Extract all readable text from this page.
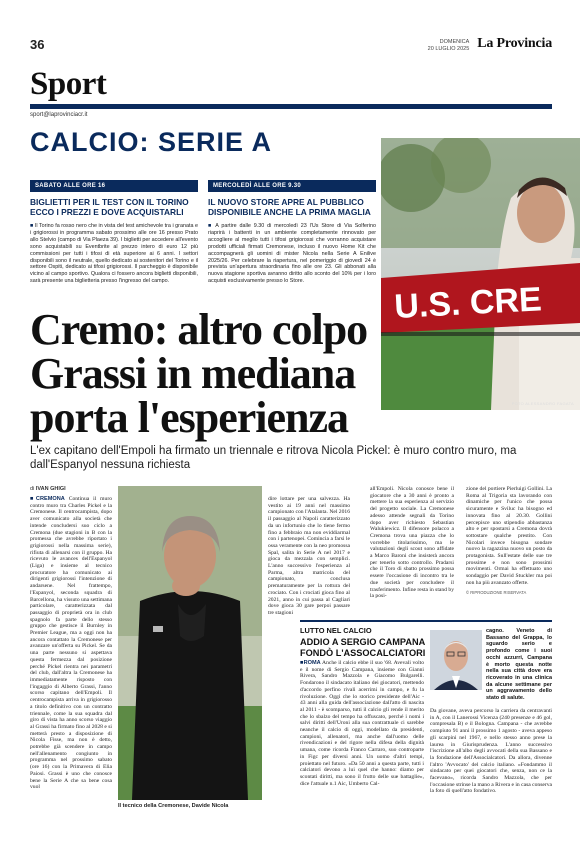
36	DOMENICA
20 LUGLIO 2025 La Provincia
Sport
sport@laprovinciacr.it
CALCIO: SERIE A
SABATO ALLE ORE 16
BIGLIETTI PER IL TEST CON IL TORINO ECCO I PREZZI E DOVE ACQUISTARLI
■ Il Torino fa rosso nero che in vista del test amichevole tra i granata e i grigiorossi in programma sabato prossimo alle ore 16 presso Prato allo Stelvio (campo di Via Plaeza 39). I biglietti per accedere all'evento sono acquistabili su Eventbrite al prezzo intero di euro 12 più commissioni per tutti i tifosi di età superiore ai 6 anni. I settori disponibili sono il neutrale, quello dedicato ai sostenitori del Torino e il settore Ospiti, dedicato ai tifosi grigiorossi. Il parcheggio è disponibile vicino al campo sportivo. Qualora ci fossero ancora biglietti disponibili, sarà presente una biglietteria presso l'ingresso del campo.
MERCOLEDÌ ALLE ORE 9.30
IL NUOVO STORE APRE AL PUBBLICO DISPONIBILE ANCHE LA PRIMA MAGLIA
■ A partire dalle 9.30 di mercoledì 23 l'Us Store di Via Solferino riaprirà i battenti in un ambiente completamente rinnovato per accogliere al meglio tutti i tifosi grigiorossi che vorranno acquistare prodotti ufficiali firmati Cremonese, incluso il nuovo Home Kit che accompagnerà gli uomini di mister Nicola nella Serie A Enilive 2025/26. Per celebrare la riapertura, nel pomeriggio di giovedì 24 è prevista un'apertura straordinaria fino alle ore 23. Gli abbonati alla nuova stagione sportiva avranno diritto allo sconto del 10% per i loro acquisti esclusivamente presso lo Store.	U.S. CRE
FOTO ALESSANDRO FAGATA
Cremo: altro colpo Grassi in mediana porta l'esperienza

L'ex capitano dell'Empoli ha firmato un triennale e ritrova Nicola Pickel: è muro contro muro, ma dall'Espanyol nessuna richiesta

di IVAN GHIGI
■ CREMONA Continua il muro contro muro tra Charles Pickel e la Cremonese. Il centrocampista, dopo aver comunicato alla società che intende concludersi suo ciclo a Cremona (due stagioni in B con la promessa che avrebbe riportato i grigiorossi nella massima serie), rifiuta di allenarsi con il gruppo. Ha ricevuto le avances dell'Espanyol (Liga) e insieme al tecnico procuratore ha comunicato ai dirigenti grigiorossi l'intenzione di andarsene. Nel frattempo, l'Espanyol, seconda squadra di Barcellona, ha vissuto una settimana particolare, caratterizzata dal passaggio di proprietà ora in club spagnolo fa parte dello stesso gruppo che gestisce il Burnley in Premier League, ma a oggi non ha ancora contattato la Cremonese per avanzare un'offerta su Pickel. Se da una parte nessuno si aspettava questa fermezza dal posizione perché Pickel rientra nei parametri del club, dall'altra la Cremonese ha immediatamente risposto con l'ingaggio di Alberto Grassi, l'anno scorso capitano dell'Empoli. Il centrocampista arriva in grigiorosso a titolo definitivo con un contratto triennale, come la sua squadra dal giro di vista ha anno scorso viaggio al Grassi ha firmato fino al 2028 e si metterà presto a disposizione di Nicola Fisse, ma non è detto, potrebbe già scendere in campo nell'allenamento congiunto in programma nel prossimo sabato (ore 16) con la Primavera di Elia Paiosi. Grassi è uno che conosce bene la Serie A che sa bene cosa vuol
Il tecnico della Cremonese, Davide Nicola
dire lottare per una salvezza. Ha vestito ai 19 anni nel massimo campionato con l'Atalanta. Nel 2016 il passaggio al Napoli caratterizzato da un infortunio che lo tiene fermo fino a febbraio ma non eviddiarmal con i partenopei. Comincia a farsi le ossa veramente con la neo promossa Spal, salita in Serie A nel 2017 e gioca da mezzala con semplici. L'anno successivo l'esperienza al Parma, altra matricola del campionato, conclusa prematuramente per la rottura del crociato. Con i crociati gioca fino al 2021, anno in cui passa al Cagliari dove gioca 30 gare perpoi passare tre stagioni
all'Empoli. Nicola conosce bene il giocatore che a 30 anni è pronto a mettere la sua esperienza al servizio del progetto sociale. La Cremonese adesso attende segnali da Torino dopo aver richiesto Sebastian Walukiewicz. Il difensore polacco a Cremona trova una piazza che lo vorrebbe titolarissimo, ma le valutazioni degli scout sono affidate a Marco Baroni che insisterà ancora per tenerlo sotto controllo. Pradarsi che il Toro di sbatto prossimo possa essere l'occasione di incontro tra le due società per concludere il trasferimento. Infine resta in stand by la posi-
zione del portiere Pierluigi Gollini. La Roma al Trigoria sta lavorando con dinamiche per l'unico che possa sicuramente e Sviluc ha bisogno ed innovata fino al 20.30. Gollini percepisce uno stipendio abbastanza alto e per spostarsi a Cremona dovrà sottostare qualche prestito. Con Nicolari invece bisogna sondare nuovo la ragazzina nuovo un posto da protagonista. Sull'estate delle sue tre prossime e non sono prossimi movimenti. Ormai ha effettuato uno sondaggio per David Stuckler ma poi non ha più avanzato offerte.
© RIPRODUZIONE RISERVATA
LUTTO NEL CALCIO
ADDIO A SERGIO CAMPANA FONDÒ L'ASSOCALCIATORI
■ ROMA Anche il calcio ebbe il suo '68. Avevali volto e il nome di Sergio Campana, insieme con Gianni Rivera, Sandro Mazzola e Giacomo Bulgarelli. Fondarono il sindacato italiano dei giocatori, mettendo d'accordo perfino rivali acerrimi in campo, e fu la rivoluzione. Oggi che lo storico presidente dell'Aic - 43 anni alla guida dell'associazione dall'atto di nascita al 2011 - è scomparso, tutti il calcio gli rende il merito che lo sbalzo del tempo ha offuscato, perché i nomi i salvi diritti dell'Uroni alla sua contrattuale ci sarebbe neanche il calcio di oggi, modellato da presidenti, campioni, allenatori, ma anche dall'uomo delle rivendicazioni e del rigore nella difesa della dignità umana, come ricorda Franco Carraro, suo controparte in Figc per diversi anni. Un uomo d'altri tempi, proiettato nel futuro. «Da 50 anni a questa parte, tutti i calciatori devono a lui quel che hanno: diamo per scontati diritti, ma sono il frutto delle sue battaglie», dice l'attuale n.1 Aic, Umberto Cal-
cagno. Veneto di Bassano del Grappa, lo sguardo serio e profondo come i suoi occhi azzurri, Campana è morto questa notte nella sua città dove era ricoverato in una clinica da alcune settimane per un aggravamento dello stato di salute.
Da giovane, aveva percorso la carriera da centravanti in A, con il Lanerossi Vicenza (240 presenze e 46 gol, compresala B) e il Bologna. Campana - che avrebbe compiuto 91 anni il prossimo 1 agosto - aveva appeso gli scarpini nel 1967, e nello stesso anno prese la laurea in Giurisprudenza. L'anno successivo l'iscrizione all'albo degli avvocati della sua Bassano e la fondazione dell'Associalcatori. Da allora, divenne l'altro 'Avvocato' del calcio italiano. «Fondammo il sindacato per quei giocatori che, senza, non ce la facevano», ricorda Sandro Mazzola, che per l'occasione strinse la mano a Rivera e in casa conserva la foto di quell'atto fondativo.
